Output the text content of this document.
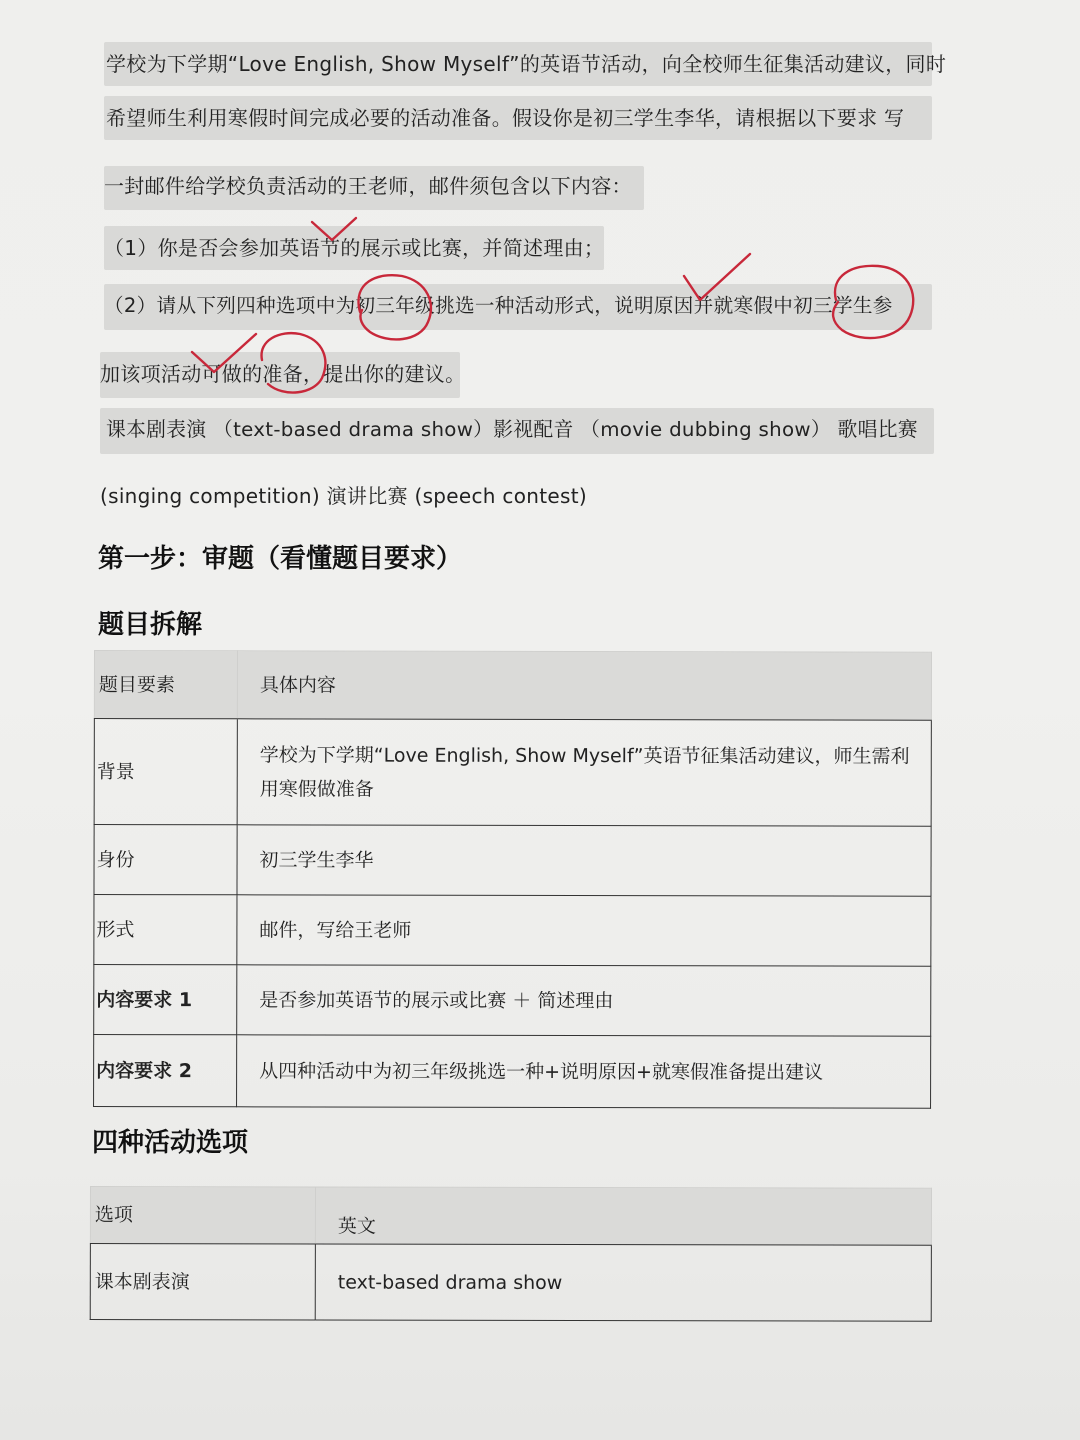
学校为下学期“Love English, Show Myself”的英语节活动，向全校师生征集活动建议，同时
希望师生利用寒假时间完成必要的活动准备。假设你是初三学生李华，请根据以下要求 写
一封邮件给学校负责活动的王老师，邮件须包含以下内容：
（1）你是否会参加英语节的展示或比赛，并简述理由；
（2）请从下列四种选项中为初三年级挑选一种活动形式，说明原因并就寒假中初三学生参
加该项活动可做的准备，提出你的建议。
课本剧表演 （text-based drama show）影视配音 （movie dubbing show） 歌唱比赛
(singing competition) 演讲比赛 (speech contest)
第一步：审题（看懂题目要求）
题目拆解
题目要素	具体内容
背景	学校为下学期“Love English, Show Myself”英语节征集活动建议，师生需利用寒假做准备
身份	初三学生李华
形式	邮件，写给王老师
内容要求 1	是否参加英语节的展示或比赛 ＋ 简述理由
内容要求 2	从四种活动中为初三年级挑选一种+说明原因+就寒假准备提出建议
四种活动选项
选项	英文
课本剧表演	text-based drama show
